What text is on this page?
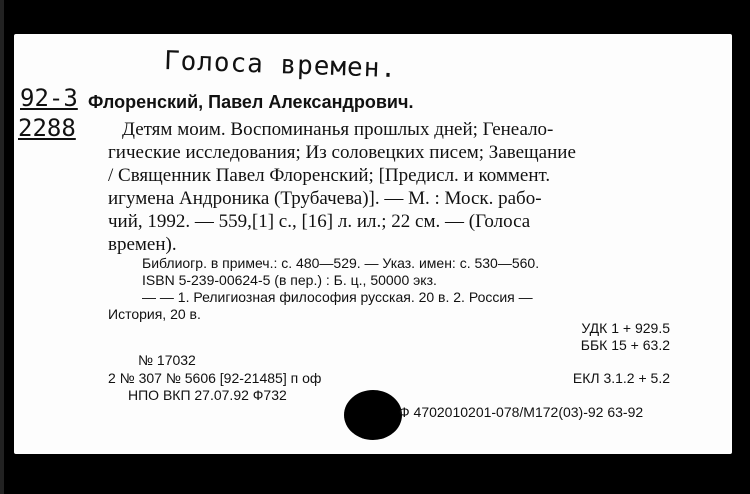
Голоса времен.
92-3
2288
Флоренский, Павел Александрович.
Детям моим. Воспоминанья прошлых дней; Генеало-
гические исследования; Из соловецких писем; Завещание
/ Священник Павел Флоренский; [Предисл. и коммент.
игумена Андроника (Трубачева)]. — М. : Моск. рабо-
чий, 1992. — 559,[1] с., [16] л. ил.; 22 см. — (Голоса
времен).
Библиогр. в примеч.: с. 480—529. — Указ. имен: с. 530—560.
ISBN 5-239-00624-5 (в пер.) : Б. ц., 50000 экз.
— — 1. Религиозная философия русская. 20 в. 2. Россия —
История, 20 в.
УДК 1 + 929.5
ББК 15 + 63.2
№ 17032
2 № 307 № 5606 [92-21485] п оф
НПО ВКП 27.07.92 Ф732
ЕКЛ 3.1.2 + 5.2
Ф 4702010201-078/М172(03)-92 63-92
